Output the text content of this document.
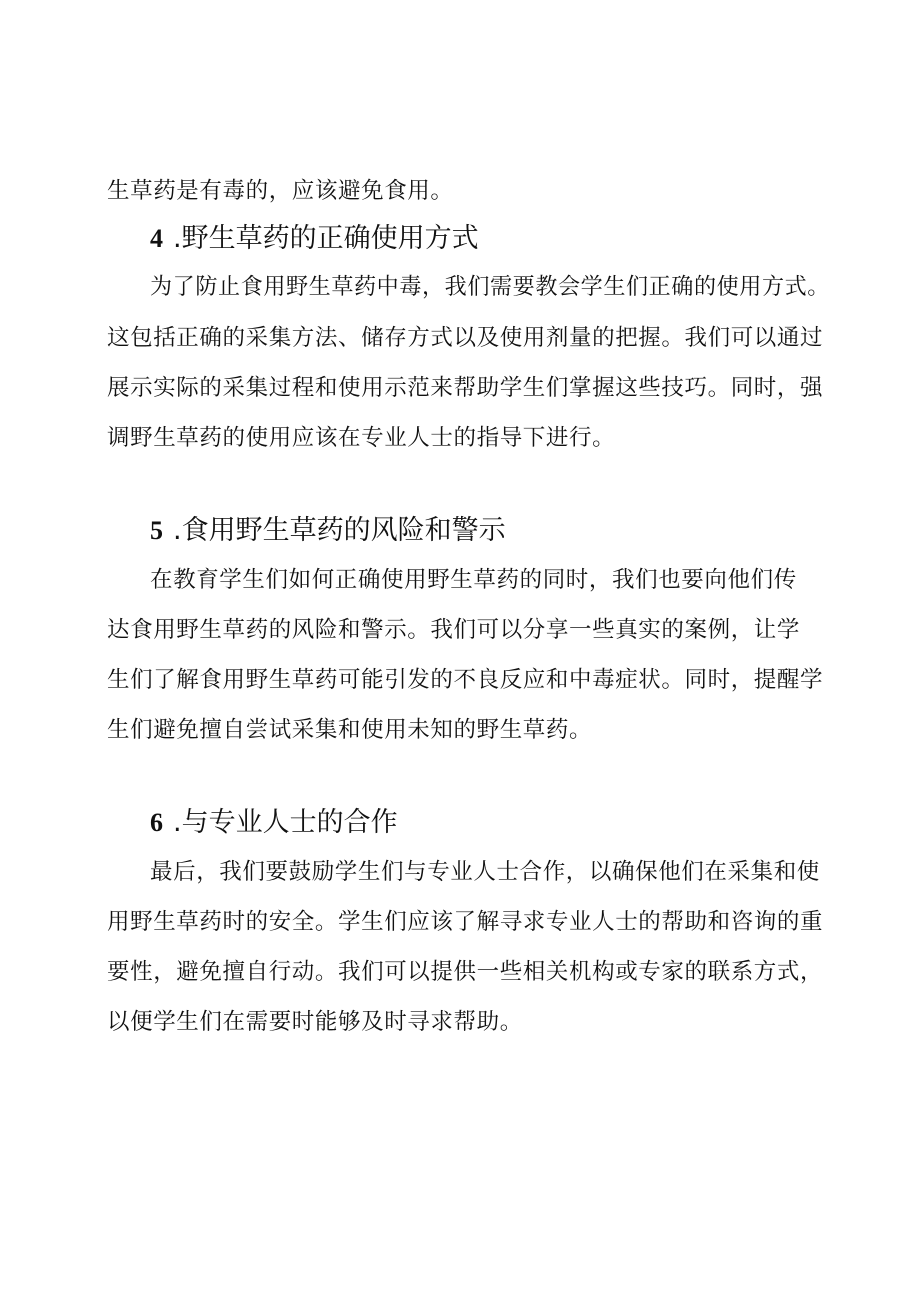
生草药是有毒的，应该避免食用。
4 .野生草药的正确使用方式
为了防止食用野生草药中毒，我们需要教会学生们正确的使用方式。
这包括正确的采集方法、储存方式以及使用剂量的把握。我们可以通过
展示实际的采集过程和使用示范来帮助学生们掌握这些技巧。同时，强
调野生草药的使用应该在专业人士的指导下进行。
5 .食用野生草药的风险和警示
在教育学生们如何正确使用野生草药的同时，我们也要向他们传
达食用野生草药的风险和警示。我们可以分享一些真实的案例，让学
生们了解食用野生草药可能引发的不良反应和中毒症状。同时，提醒学
生们避免擅自尝试采集和使用未知的野生草药。
6 .与专业人士的合作
最后，我们要鼓励学生们与专业人士合作，以确保他们在采集和使
用野生草药时的安全。学生们应该了解寻求专业人士的帮助和咨询的重
要性，避免擅自行动。我们可以提供一些相关机构或专家的联系方式，
以便学生们在需要时能够及时寻求帮助。
